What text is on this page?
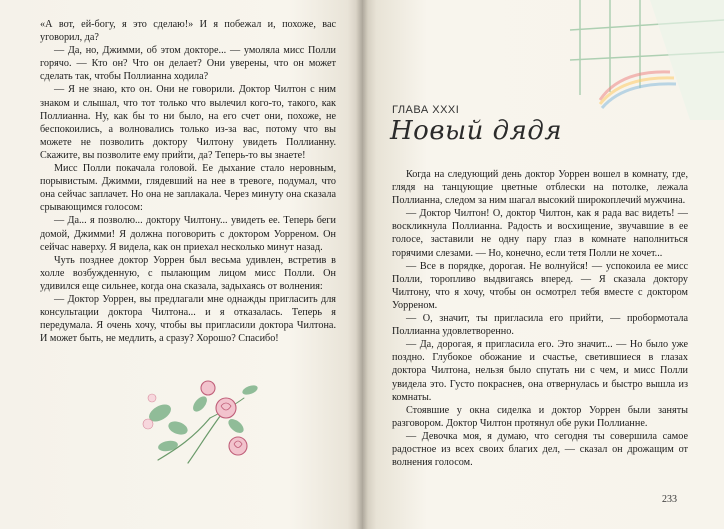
«А вот, ей-богу, я это сделаю!» И я побежал и, похоже, вас уговорил, да?

— Да, но, Джимми, об этом докторе... — умоляла мисс Полли горячо. — Кто он? Что он делает? Они уверены, что он может сделать так, чтобы Поллианна ходила?

— Я не знаю, кто он. Они не говорили. Доктор Чилтон с ним знаком и слышал, что тот только что вылечил кого-то, такого, как Поллианна. Ну, как бы то ни было, на его счет они, похоже, не беспокоились, а волновались только из-за вас, потому что вы можете не позволить доктору Чилтону увидеть Поллианну. Скажите, вы позволите ему прийти, да? Теперь-то вы знаете!

Мисс Полли покачала головой. Ее дыхание стало неровным, порывистым. Джимми, глядевший на нее в тревоге, подумал, что она сейчас заплачет. Но она не заплакала. Через минуту она сказала срывающимся голосом:

— Да... я позволю... доктору Чилтону... увидеть ее. Теперь беги домой, Джимми! Я должна поговорить с доктором Уорреном. Он сейчас наверху. Я видела, как он приехал несколько минут назад.

Чуть позднее доктор Уоррен был весьма удивлен, встретив в холле возбужденную, с пылающим лицом мисс Полли. Он удивился еще сильнее, когда она сказала, задыхаясь от волнения:

— Доктор Уоррен, вы предлагали мне однажды пригласить для консультации доктора Чилтона... и я отказалась. Теперь я передумала. Я очень хочу, чтобы вы пригласили доктора Чилтона. И может быть, не медлить, а сразу? Хорошо? Спасибо!

ГЛАВА XXXI
Новый дядя

Когда на следующий день доктор Уоррен вошел в комнату, где, глядя на танцующие цветные отблески на потолке, лежала Поллианна, следом за ним шагал высокий широкоплечий мужчина.

— Доктор Чилтон! О, доктор Чилтон, как я рада вас видеть! — воскликнула Поллианна. Радость и восхищение, звучавшие в ее голосе, заставили не одну пару глаз в комнате наполниться горячими слезами. — Но, конечно, если тетя Полли не хочет...

— Все в порядке, дорогая. Не волнуйся! — успокоила ее мисс Полли, торопливо выдвигаясь вперед. — Я сказала доктору Чилтону, что я хочу, чтобы он осмотрел тебя вместе с доктором Уорреном.

— О, значит, ты пригласила его прийти, — пробормотала Поллианна удовлетворенно.

— Да, дорогая, я пригласила его. Это значит... — Но было уже поздно. Глубокое обожание и счастье, светившиеся в глазах доктора Чилтона, нельзя было спутать ни с чем, и мисс Полли увидела это. Густо покраснев, она отвернулась и быстро вышла из комнаты.

Стоявшие у окна сиделка и доктор Уоррен были заняты разговором. Доктор Чилтон протянул обе руки Поллианне.

— Девочка моя, я думаю, что сегодня ты совершила самое радостное из всех своих благих дел, — сказал он дрожащим от волнения голосом.

233
